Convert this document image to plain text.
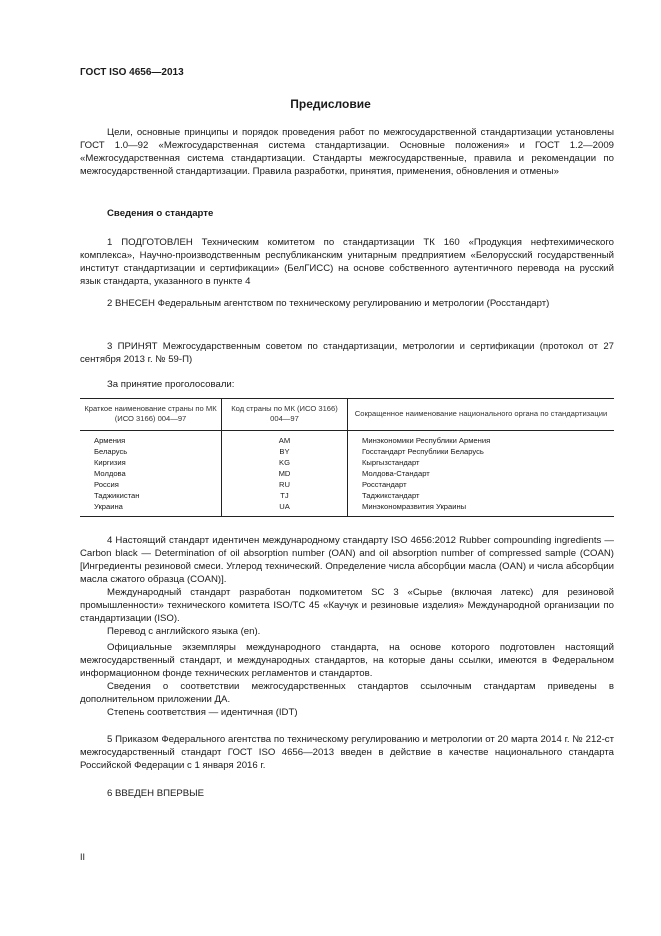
ГОСТ ISO 4656—2013
Предисловие
Цели, основные принципы и порядок проведения работ по межгосударственной стандартизации установлены ГОСТ 1.0—92 «Межгосударственная система стандартизации. Основные положения» и ГОСТ 1.2—2009 «Межгосударственная система стандартизации. Стандарты межгосударственные, правила и рекомендации по межгосударственной стандартизации. Правила разработки, принятия, применения, обновления и отмены»
Сведения о стандарте
1 ПОДГОТОВЛЕН Техническим комитетом по стандартизации ТК 160 «Продукция нефтехимического комплекса», Научно-производственным республиканским унитарным предприятием «Белорусский государственный институт стандартизации и сертификации» (БелГИСС) на основе собственного аутентичного перевода на русский язык стандарта, указанного в пункте 4
2 ВНЕСЕН Федеральным агентством по техническому регулированию и метрологии (Росстандарт)
3 ПРИНЯТ Межгосударственным советом по стандартизации, метрологии и сертификации (протокол от 27 сентября 2013 г. № 59-П)
За принятие проголосовали:
Краткое наименование страны по МК (ИСО 3166) 004—97	Код страны по МК (ИСО 3166) 004—97	Сокращенное наименование национального органа по стандартизации
Армения	AM	Минэкономики Республики Армения
Беларусь	BY	Госстандарт Республики Беларусь
Киргизия	KG	Кыргызстандарт
Молдова	MD	Молдова-Стандарт
Россия	RU	Росстандарт
Таджикистан	TJ	Таджикстандарт
Украина	UA	Минэкономразвития Украины
4 Настоящий стандарт идентичен международному стандарту ISO 4656:2012 Rubber compounding ingredients — Carbon black — Determination of oil absorption number (OAN) and oil absorption number of compressed sample (COAN) [Ингредиенты резиновой смеси. Углерод технический. Определение числа абсорбции масла (OAN) и числа абсорбции масла сжатого образца (COAN)].
Международный стандарт разработан подкомитетом SC 3 «Сырье (включая латекс) для резиновой промышленности» технического комитета ISO/TC 45 «Каучук и резиновые изделия» Международной организации по стандартизации (ISO).
Перевод с английского языка (en).
Официальные экземпляры международного стандарта, на основе которого подготовлен настоящий межгосударственный стандарт, и международных стандартов, на которые даны ссылки, имеются в Федеральном информационном фонде технических регламентов и стандартов.
Сведения о соответствии межгосударственных стандартов ссылочным стандартам приведены в дополнительном приложении ДА.
Степень соответствия — идентичная (IDT)
5 Приказом Федерального агентства по техническому регулированию и метрологии от 20 марта 2014 г. № 212-ст межгосударственный стандарт ГОСТ ISO 4656—2013 введен в действие в качестве национального стандарта Российской Федерации с 1 января 2016 г.
6 ВВЕДЕН ВПЕРВЫЕ
II
